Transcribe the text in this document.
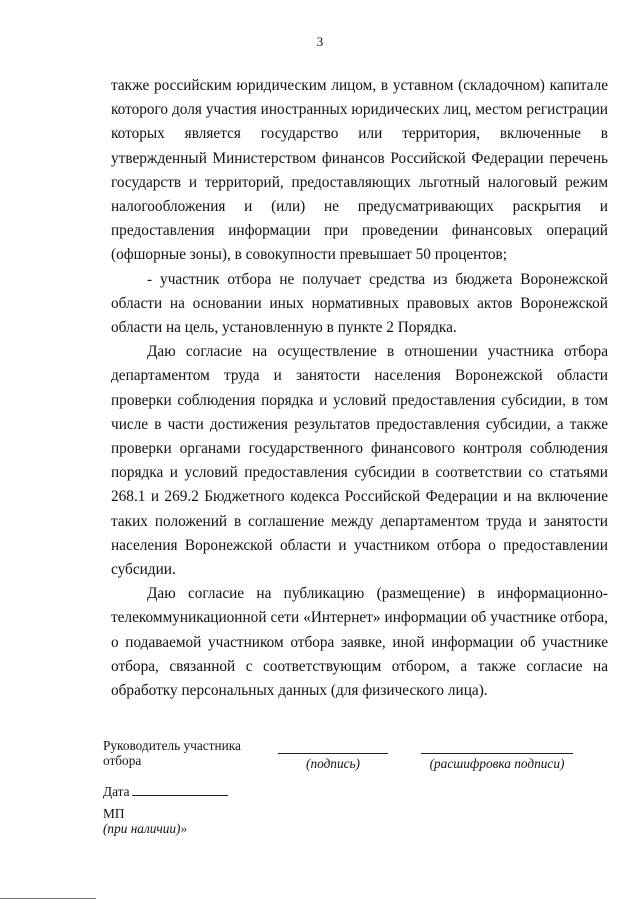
3

также российским юридическим лицом, в уставном (складочном) капитале которого доля участия иностранных юридических лиц, местом регистрации которых является государство или территория, включенные в утвержденный Министерством финансов Российской Федерации перечень государств и территорий, предоставляющих льготный налоговый режим налогообложения и (или) не предусматривающих раскрытия и предоставления информации при проведении финансовых операций (офшорные зоны), в совокупности превышает 50 процентов;

- участник отбора не получает средства из бюджета Воронежской области на основании иных нормативных правовых актов Воронежской области на цель, установленную в пункте 2 Порядка.

Даю согласие на осуществление в отношении участника отбора департаментом труда и занятости населения Воронежской области проверки соблюдения порядка и условий предоставления субсидии, в том числе в части достижения результатов предоставления субсидии, а также проверки органами государственного финансового контроля соблюдения порядка и условий предоставления субсидии в соответствии со статьями 268.1 и 269.2 Бюджетного кодекса Российской Федерации и на включение таких положений в соглашение между департаментом труда и занятости населения Воронежской области и участником отбора о предоставлении субсидии.

Даю согласие на публикацию (размещение) в информационно-телекоммуникационной сети «Интернет» информации об участнике отбора, о подаваемой участником отбора заявке, иной информации об участнике отбора, связанной с соответствующим отбором, а также согласие на обработку персональных данных (для физического лица).

Руководитель участника отбора	(подпись)	(расшифровка подписи)
Дата
МП
(при наличии)»
